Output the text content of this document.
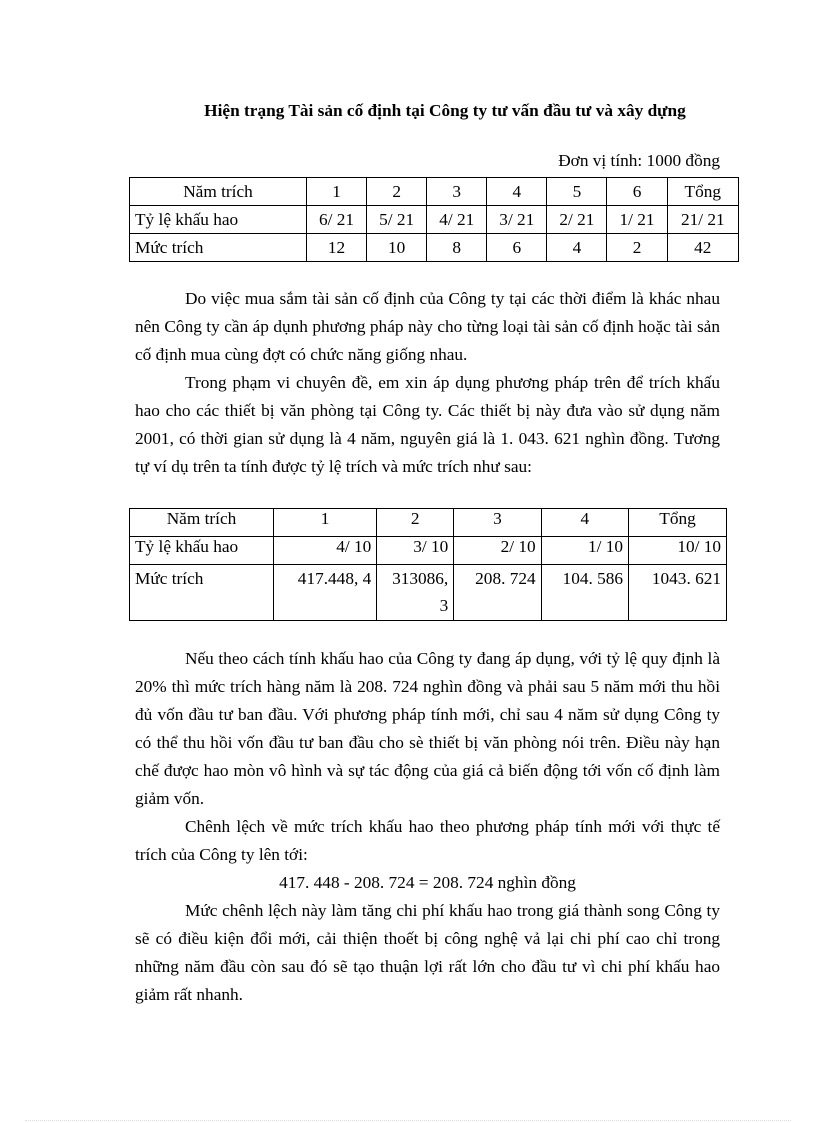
Hiện trạng Tài sản cố định tại Công ty tư vấn đầu tư và xây dựng
Đơn vị tính: 1000 đồng
Năm trích	1	2	3	4	5	6	Tổng
Tỷ lệ khấu hao	6/ 21	5/ 21	4/ 21	3/ 21	2/ 21	1/ 21	21/ 21
Mức trích	12	10	8	6	4	2	42

Do việc mua sắm tài sản cố định của Công ty tại các thời điểm là khác nhau nên Công ty cần áp dụnh phương pháp này cho từng loại tài sản cố định hoặc tài sản cố định mua cùng đợt có chức năng giống nhau.

Trong phạm vi chuyên đề, em xin áp dụng phương pháp trên để trích khấu hao cho các thiết bị văn phòng tại Công ty. Các thiết bị này đưa vào sử dụng năm 2001, có thời gian sử dụng là 4 năm, nguyên giá là 1. 043. 621 nghìn đồng. Tương tự ví dụ trên ta tính được tỷ lệ trích và mức trích như sau:

Năm trích	1	2	3	4	Tổng
Tỷ lệ khấu hao	4/ 10	3/ 10	2/ 10	1/ 10	10/ 10
Mức trích	417.448, 4	313086, 3	208. 724	104. 586	1043. 621

Nếu theo cách tính khấu hao của Công ty đang áp dụng, với tỷ lệ quy định là 20% thì mức trích hàng năm là 208. 724 nghìn đồng và phải sau 5 năm mới thu hồi đủ vốn đầu tư ban đầu. Với phương pháp tính mới, chỉ sau 4 năm sử dụng Công ty có thể thu hồi vốn đầu tư ban đầu cho sè thiết bị văn phòng nói trên. Điều này hạn chế được hao mòn vô hình và sự tác động của giá cả biến động tới vốn cố định làm giảm vốn.

Chênh lệch về mức trích khấu hao theo phương pháp tính mới với thực tế trích của Công ty lên tới:

417. 448 - 208. 724 = 208. 724 nghìn đồng

Mức chênh lệch này làm tăng chi phí khấu hao trong giá thành song Công ty sẽ có điều kiện đổi mới, cải thiện thoết bị công nghệ vả lại chi phí cao chỉ trong những năm đầu còn sau đó sẽ tạo thuận lợi rất lớn cho đầu tư vì chi phí khấu hao giảm rất nhanh.
